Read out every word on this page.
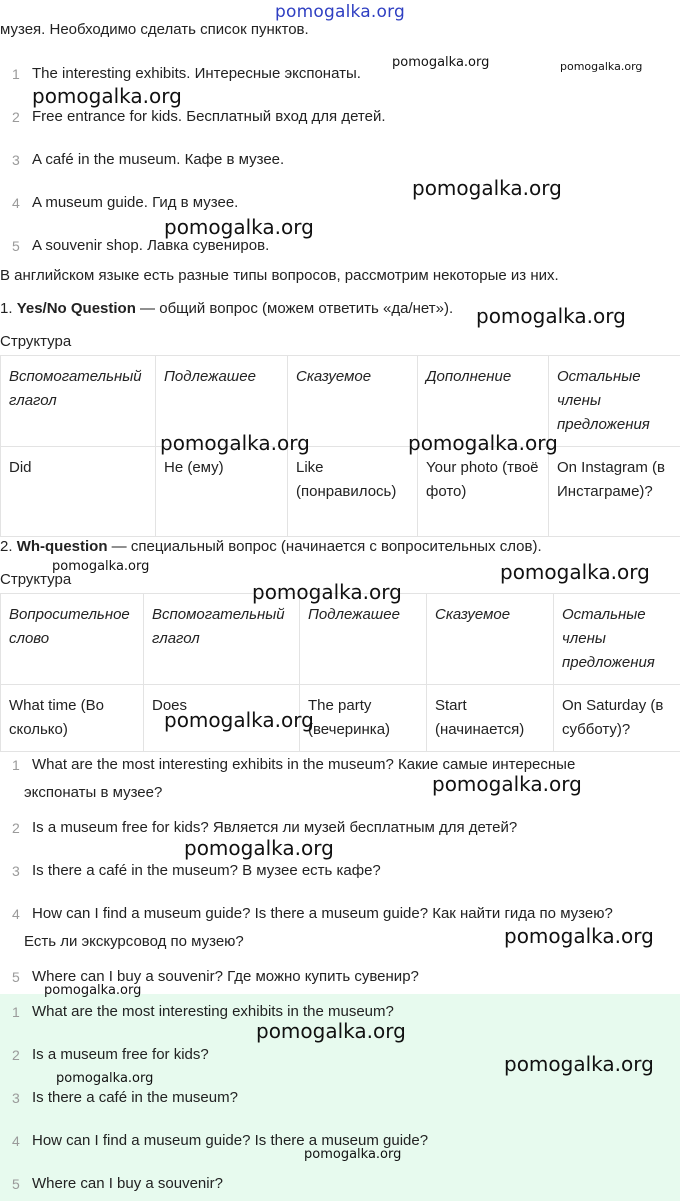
pomogalka.org
музея. Необходимо сделать список пунктов.
1 The interesting exhibits. Интересные экспонаты.
2 Free entrance for kids. Бесплатный вход для детей.
3 A café in the museum. Кафе в музее.
4 A museum guide. Гид в музее.
5 A souvenir shop. Лавка сувениров.
В английском языке есть разные типы вопросов, рассмотрим некоторые из них.
1. Yes/No Question — общий вопрос (можем ответить «да/нет»).
Структура
Вспомогательный глагол	Подлежашее	Сказуемое	Дополнение	Остальные члены предложения
Did	He (ему)	Like (понравилось)	Your photo (твоё фото)	On Instagram (в Инстаграме)?
2. Wh-question — специальный вопрос (начинается с вопросительных слов).
Структура
Вопросительное слово	Вспомогательный глагол	Подлежашее	Сказуемое	Остальные члены предложения
What time (Во сколько)	Does	The party (вечеринка)	Start (начинается)	On Saturday (в субботу)?
1 What are the most interesting exhibits in the museum? Какие самые интересные
экспонаты в музее?
2 Is a museum free for kids? Является ли музей бесплатным для детей?
3 Is there a café in the museum? В музее есть кафе?
4 How can I find a museum guide? Is there a museum guide? Как найти гида по музею?
Есть ли экскурсовод по музею?
5 Where can I buy a souvenir? Где можно купить сувенир?
1 What are the most interesting exhibits in the museum?
2 Is a museum free for kids?
3 Is there a café in the museum?
4 How can I find a museum guide? Is there a museum guide?
5 Where can I buy a souvenir?
pomogalka.org	pomogalka.org
pomogalka.org
pomogalka.org
pomogalka.org
pomogalka.org
pomogalka.org	pomogalka.org
pomogalka.org	pomogalka.org
pomogalka.org
pomogalka.org
pomogalka.org
pomogalka.org
pomogalka.org
pomogalka.org
pomogalka.org
pomogalka.org
pomogalka.org
pomogalka.org
